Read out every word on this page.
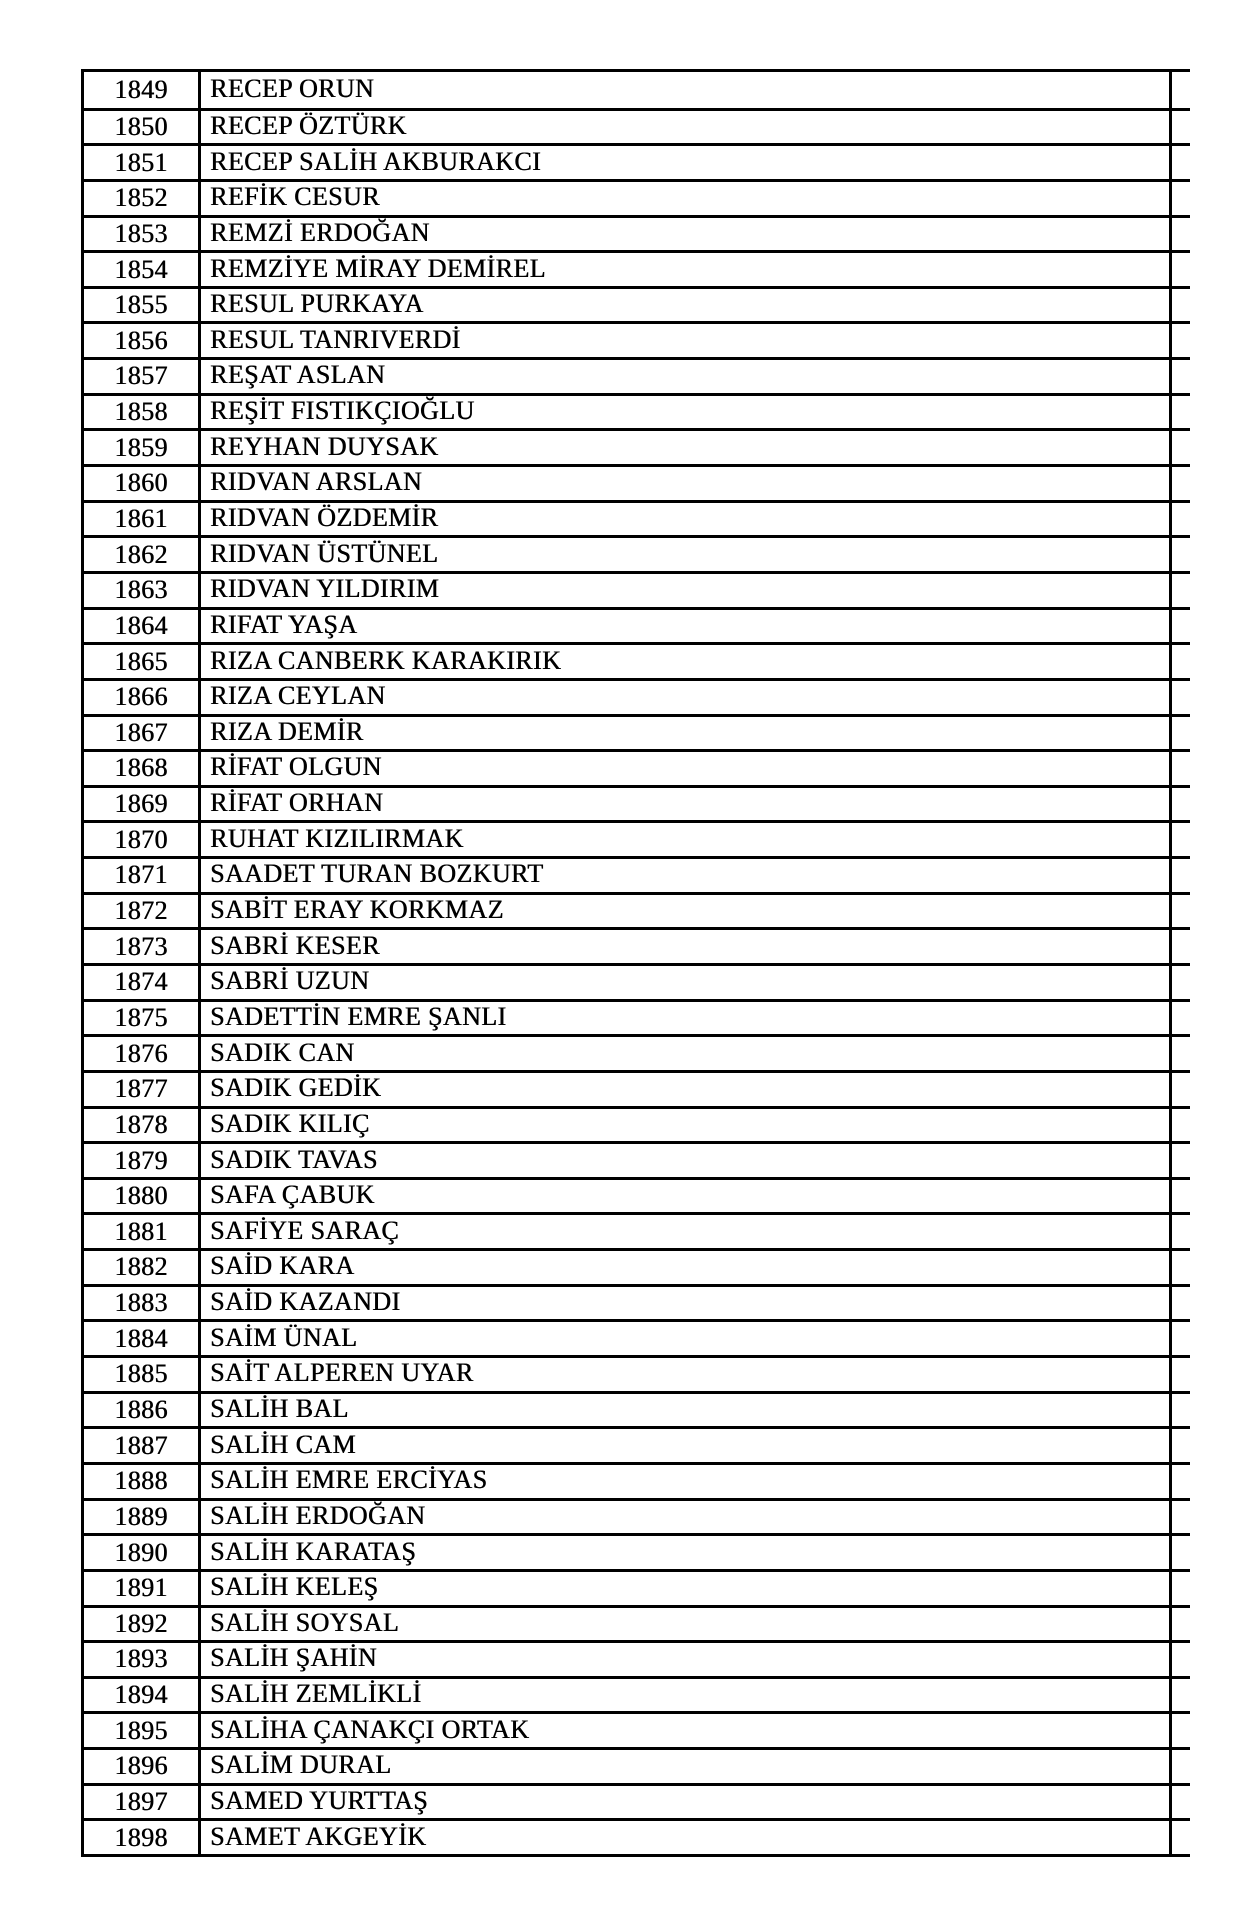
1849	RECEP ORUN
1850	RECEP ÖZTÜRK
1851	RECEP SALİH AKBURAKCI
1852	REFİK CESUR
1853	REMZİ ERDOĞAN
1854	REMZİYE MİRAY DEMİREL
1855	RESUL PURKAYA
1856	RESUL TANRIVERDİ
1857	REŞAT ASLAN
1858	REŞİT FISTIKÇIOĞLU
1859	REYHAN DUYSAK
1860	RIDVAN ARSLAN
1861	RIDVAN ÖZDEMİR
1862	RIDVAN ÜSTÜNEL
1863	RIDVAN YILDIRIM
1864	RIFAT YAŞA
1865	RIZA CANBERK KARAKIRIK
1866	RIZA CEYLAN
1867	RIZA DEMİR
1868	RİFAT OLGUN
1869	RİFAT ORHAN
1870	RUHAT KIZILIRMAK
1871	SAADET TURAN BOZKURT
1872	SABİT ERAY KORKMAZ
1873	SABRİ KESER
1874	SABRİ UZUN
1875	SADETTİN EMRE ŞANLI
1876	SADIK CAN
1877	SADIK GEDİK
1878	SADIK KILIÇ
1879	SADIK TAVAS
1880	SAFA ÇABUK
1881	SAFİYE SARAÇ
1882	SAİD KARA
1883	SAİD KAZANDI
1884	SAİM ÜNAL
1885	SAİT ALPEREN UYAR
1886	SALİH BAL
1887	SALİH CAM
1888	SALİH EMRE ERCİYAS
1889	SALİH ERDOĞAN
1890	SALİH KARATAŞ
1891	SALİH KELEŞ
1892	SALİH SOYSAL
1893	SALİH ŞAHİN
1894	SALİH ZEMLİKLİ
1895	SALİHA ÇANAKÇI ORTAK
1896	SALİM DURAL
1897	SAMED YURTTAŞ
1898	SAMET AKGEYİK
